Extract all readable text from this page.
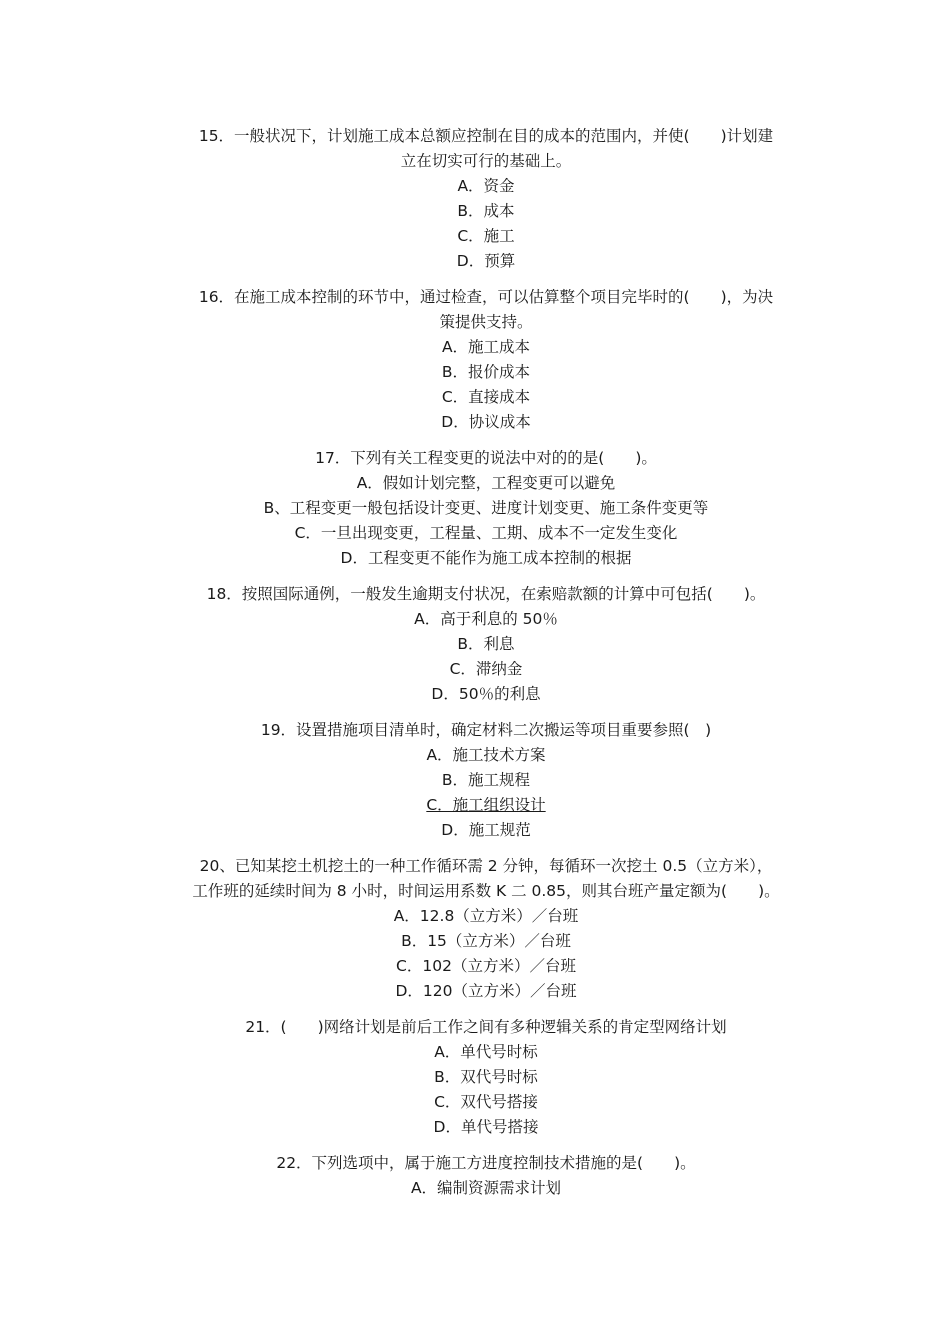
15．一般状况下，计划施工成本总额应控制在目的成本的范围内，并使(　　)计划建
立在切实可行的基础上。

A．资金
B．成本
C．施工
D．预算

16．在施工成本控制的环节中，通过检查，可以估算整个项目完毕时的(　　)，为决
策提供支持。

A．施工成本
B．报价成本
C．直接成本
D．协议成本

17．下列有关工程变更的说法中对的的是(　　)。

A．假如计划完整，工程变更可以避免
B、工程变更一般包括设计变更、进度计划变更、施工条件变更等
C．一旦出现变更，工程量、工期、成本不一定发生变化
D．工程变更不能作为施工成本控制的根据

18．按照国际通例，一般发生逾期支付状况，在索赔款额的计算中可包括(　　)。

A．高于利息的 50％
B．利息
C．滞纳金
D．50％的利息

19．设置措施项目清单时，确定材料二次搬运等项目重要参照(　)

A．施工技术方案
B．施工规程
C．施工组织设计
D．施工规范

20、已知某挖土机挖土的一种工作循环需 2 分钟，每循环一次挖土 0.5（立方米），
工作班的延续时间为 8 小时，时间运用系数 K 二 0.85，则其台班产量定额为(　　)。

A．12.8（立方米）／台班
B．15（立方米）／台班
C．102（立方米）／台班
D．120（立方米）／台班

21．(　　)网络计划是前后工作之间有多种逻辑关系的肯定型网络计划

A．单代号时标
B．双代号时标
C．双代号搭接
D．单代号搭接

22．下列选项中，属于施工方进度控制技术措施的是(　　)。

A．编制资源需求计划
